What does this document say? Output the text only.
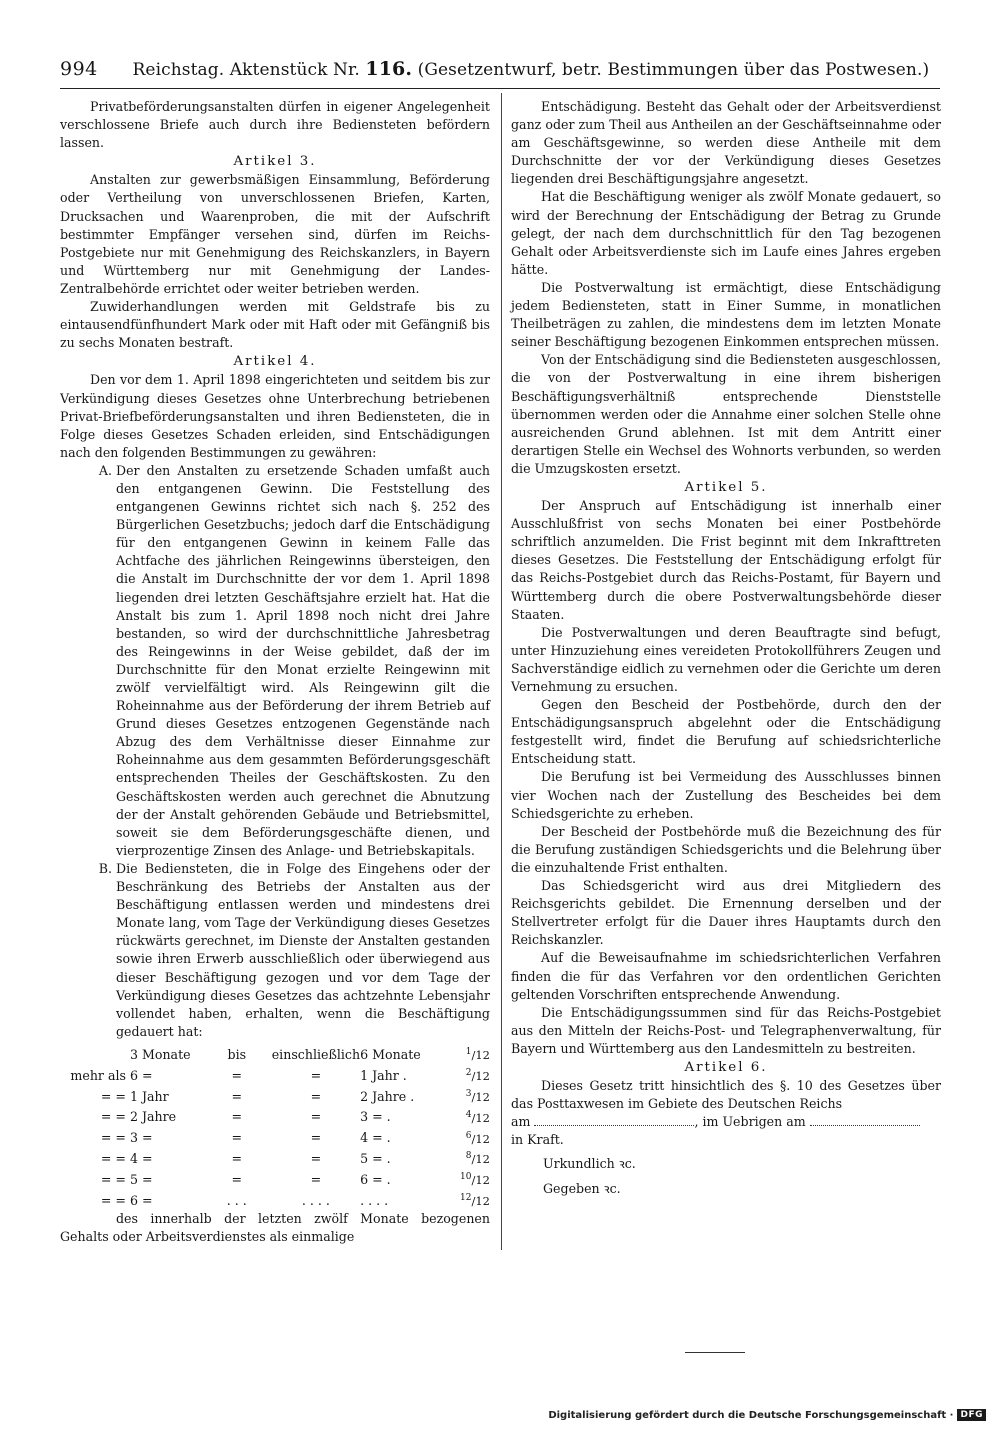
994	Reichstag. Aktenstück Nr. 116. (Gesetzentwurf, betr. Bestimmungen über das Postwesen.)

Privatbeförderungsanstalten dürfen in eigener Angelegenheit verschlossene Briefe auch durch ihre Bediensteten befördern lassen.

Artikel 3.

Anstalten zur gewerbsmäßigen Einsammlung, Beförderung oder Vertheilung von unverschlossenen Briefen, Karten, Drucksachen und Waarenproben, die mit der Aufschrift bestimmter Empfänger versehen sind, dürfen im Reichs-Postgebiete nur mit Genehmigung des Reichskanzlers, in Bayern und Württemberg nur mit Genehmigung der Landes-Zentralbehörde errichtet oder weiter betrieben werden.

Zuwiderhandlungen werden mit Geldstrafe bis zu eintausendfünfhundert Mark oder mit Haft oder mit Gefängniß bis zu sechs Monaten bestraft.

Artikel 4.

Den vor dem 1. April 1898 eingerichteten und seitdem bis zur Verkündigung dieses Gesetzes ohne Unterbrechung betriebenen Privat-Briefbeförderungsanstalten und ihren Bediensteten, die in Folge dieses Gesetzes Schaden erleiden, sind Entschädigungen nach den folgenden Bestimmungen zu gewähren:

A. Der den Anstalten zu ersetzende Schaden umfaßt auch den entgangenen Gewinn. Die Feststellung des entgangenen Gewinns richtet sich nach §. 252 des Bürgerlichen Gesetzbuchs; jedoch darf die Entschädigung für den entgangenen Gewinn in keinem Falle das Achtfache des jährlichen Reingewinns übersteigen, den die Anstalt im Durchschnitte der vor dem 1. April 1898 liegenden drei letzten Geschäftsjahre erzielt hat. Hat die Anstalt bis zum 1. April 1898 noch nicht drei Jahre bestanden, so wird der durchschnittliche Jahresbetrag des Reingewinns in der Weise gebildet, daß der im Durchschnitte für den Monat erzielte Reingewinn mit zwölf vervielfältigt wird. Als Reingewinn gilt die Roheinnahme aus der Beförderung der ihrem Betrieb auf Grund dieses Gesetzes entzogenen Gegenstände nach Abzug des dem Verhältnisse dieser Einnahme zur Roheinnahme aus dem gesammten Beförderungsgeschäft entsprechenden Theiles der Geschäftskosten. Zu den Geschäftskosten werden auch gerechnet die Abnutzung der der Anstalt gehörenden Gebäude und Betriebsmittel, soweit sie dem Beförderungsgeschäfte dienen, und vierprozentige Zinsen des Anlage- und Betriebskapitals.
B. Die Bediensteten, die in Folge des Eingehens oder der Beschränkung des Betriebs der Anstalten aus der Beschäftigung entlassen werden und mindestens drei Monate lang, vom Tage der Verkündigung dieses Gesetzes rückwärts gerechnet, im Dienste der Anstalten gestanden sowie ihren Erwerb ausschließlich oder überwiegend aus dieser Beschäftigung gezogen und vor dem Tage der Verkündigung dieses Gesetzes das achtzehnte Lebensjahr vollendet haben, erhalten, wenn die Beschäftigung gedauert hat:
	3 Monate	bis	einschließlich	6 Monate	$^1$/12
mehr als	6 =	=	=	1 Jahr .	$^2$/12
= =	1 Jahr	=	=	2 Jahre .	$^3$/12
= =	2 Jahre	=	=	3 = .	$^4$/12
= =	3 =	=	=	4 = .	$^6$/12
= =	4 =	=	=	5 = .	$^8$/12
= =	5 =	=	=	6 = .	$^{10}$/12
= =	6 =	. . .	. . . .	. . . .	$^{12}$/12

des innerhalb der letzten zwölf Monate bezogenen Gehalts oder Arbeitsverdienstes als einmalige

Entschädigung. Besteht das Gehalt oder der Arbeitsverdienst ganz oder zum Theil aus Antheilen an der Geschäftseinnahme oder am Geschäftsgewinne, so werden diese Antheile mit dem Durchschnitte der vor der Verkündigung dieses Gesetzes liegenden drei Beschäftigungsjahre angesetzt.

Hat die Beschäftigung weniger als zwölf Monate gedauert, so wird der Berechnung der Entschädigung der Betrag zu Grunde gelegt, der nach dem durchschnittlich für den Tag bezogenen Gehalt oder Arbeitsverdienste sich im Laufe eines Jahres ergeben hätte.

Die Postverwaltung ist ermächtigt, diese Entschädigung jedem Bediensteten, statt in Einer Summe, in monatlichen Theilbeträgen zu zahlen, die mindestens dem im letzten Monate seiner Beschäftigung bezogenen Einkommen entsprechen müssen.

Von der Entschädigung sind die Bediensteten ausgeschlossen, die von der Postverwaltung in eine ihrem bisherigen Beschäftigungsverhältniß entsprechende Dienststelle übernommen werden oder die Annahme einer solchen Stelle ohne ausreichenden Grund ablehnen. Ist mit dem Antritt einer derartigen Stelle ein Wechsel des Wohnorts verbunden, so werden die Umzugskosten ersetzt.

Artikel 5.

Der Anspruch auf Entschädigung ist innerhalb einer Ausschlußfrist von sechs Monaten bei einer Postbehörde schriftlich anzumelden. Die Frist beginnt mit dem Inkrafttreten dieses Gesetzes. Die Feststellung der Entschädigung erfolgt für das Reichs-Postgebiet durch das Reichs-Postamt, für Bayern und Württemberg durch die obere Postverwaltungsbehörde dieser Staaten.

Die Postverwaltungen und deren Beauftragte sind befugt, unter Hinzuziehung eines vereideten Protokollführers Zeugen und Sachverständige eidlich zu vernehmen oder die Gerichte um deren Vernehmung zu ersuchen.

Gegen den Bescheid der Postbehörde, durch den der Entschädigungsanspruch abgelehnt oder die Entschädigung festgestellt wird, findet die Berufung auf schiedsrichterliche Entscheidung statt.

Die Berufung ist bei Vermeidung des Ausschlusses binnen vier Wochen nach der Zustellung des Bescheides bei dem Schiedsgerichte zu erheben.

Der Bescheid der Postbehörde muß die Bezeichnung des für die Berufung zuständigen Schiedsgerichts und die Belehrung über die einzuhaltende Frist enthalten.

Das Schiedsgericht wird aus drei Mitgliedern des Reichsgerichts gebildet. Die Ernennung derselben und der Stellvertreter erfolgt für die Dauer ihres Hauptamts durch den Reichskanzler.

Auf die Beweisaufnahme im schiedsrichterlichen Verfahren finden die für das Verfahren vor den ordentlichen Gerichten geltenden Vorschriften entsprechende Anwendung.

Die Entschädigungssummen sind für das Reichs-Postgebiet aus den Mitteln der Reichs-Post- und Telegraphenverwaltung, für Bayern und Württemberg aus den Landesmitteln zu bestreiten.

Artikel 6.

Dieses Gesetz tritt hinsichtlich des §. 10 des Gesetzes über das Posttaxwesen im Gebiete des Deutschen Reichs
am	, im Uebrigen am
in Kraft.

Urkundlich ꝛc.
Gegeben ꝛc.
Digitalisierung gefördert durch die Deutsche Forschungsgemeinschaft · DFG
